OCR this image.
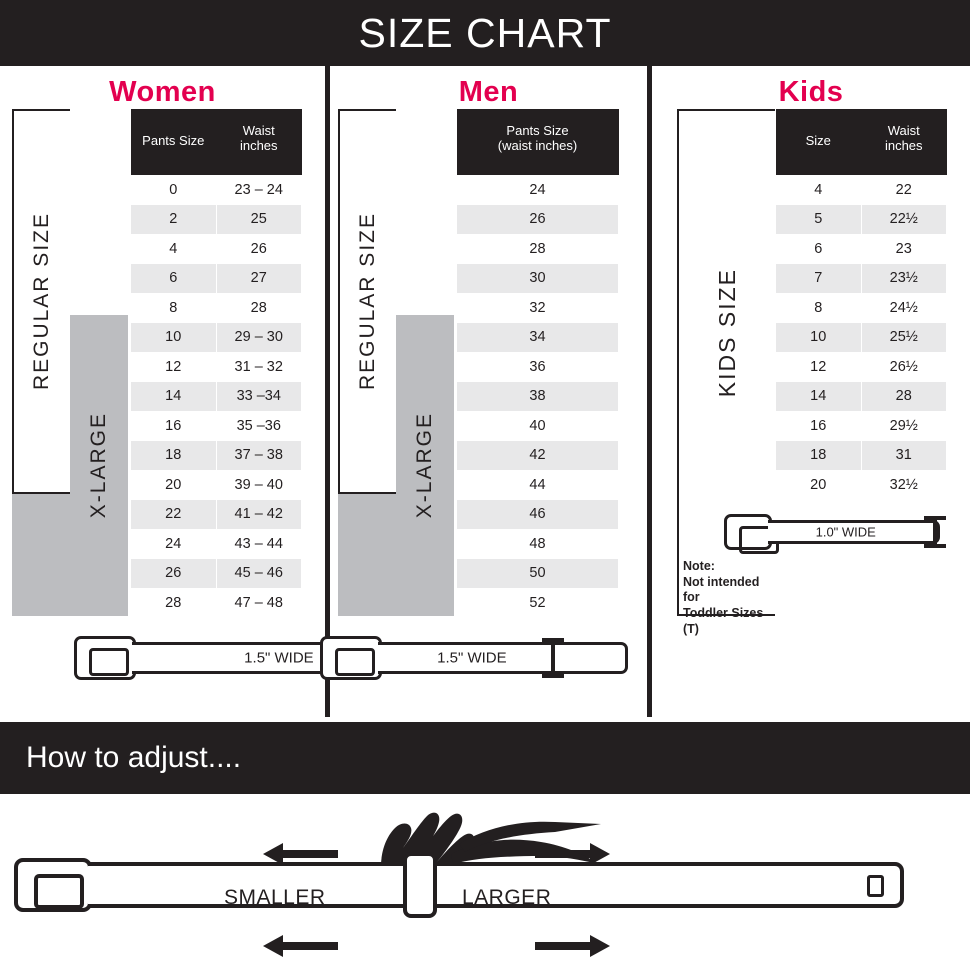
SIZE CHART
Women
REGULAR SIZE
X-LARGE
Pants Size	Waist
inches

0	23 – 24
2	25
4	26
6	27
8	28
10	29 – 30
12	31 – 32
14	33 –34
16	35 –36
18	37 – 38
20	39 – 40
22	41 – 42
24	43 – 44
26	45 – 46
28	47 – 48
1.5" WIDE
Men
REGULAR SIZE
X-LARGE
Pants Size
(waist inches)

24
26
28
30
32
34
36
38
40
42
44
46
48
50
52
1.5" WIDE
Kids
KIDS SIZE
Note:
Not intended for
Toddler Sizes (T)
Size	Waist
inches

4	22
5	22½
6	23
7	23½
8	24½
10	25½
12	26½
14	28
16	29½
18	31
20	32½
1.0" WIDE
How to adjust....
SMALLER	LARGER
